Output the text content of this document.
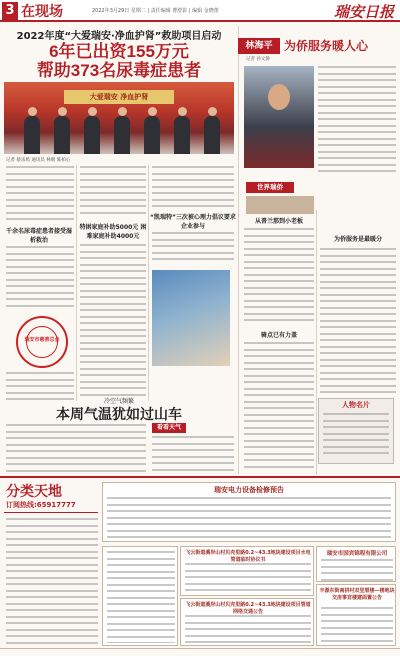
3 在现场	2022年3月29日 星期二 | 责任编辑 曹舒影 | 编辑 金晓蕾	瑞安日报
2022年度“大爱瑞安·净血护肾”救助项目启动
6年已出资155万元
帮助373名尿毒症患者
大爱瑞安 净血护肾
记者 蔡乐鸠 通讯员 林朝 陈柏心
千余名尿毒症患者接受湿析救治
瑞安市慈善总会
特困家庭补助5000元 困难家庭补助4000元
“凯瑞特”三次被心理力倡议要求企业参与
冷空气频繁
本周气温犹如过山车
看看天气
林海平 为侨服务暖人心
记者 孙文静
世界瑞侨
从普兰那到小老板
骑点已有力盖
为侨服务是最暖分
人物名片
分类天地
订阅热线:65917777
瑞安电力设备检修预告
飞云街道溪岸山村贝壳里路0.2~43.3地块建设项目水电管道临时协议书
飞云街道溪岸山村贝壳里路0.2~43.3地块建设项目管道网络交通公告
瑞安市国宾锦程有限公司
丰源东街南拼村双堂厝楼—楼地块交房事宜楼建面置公告
